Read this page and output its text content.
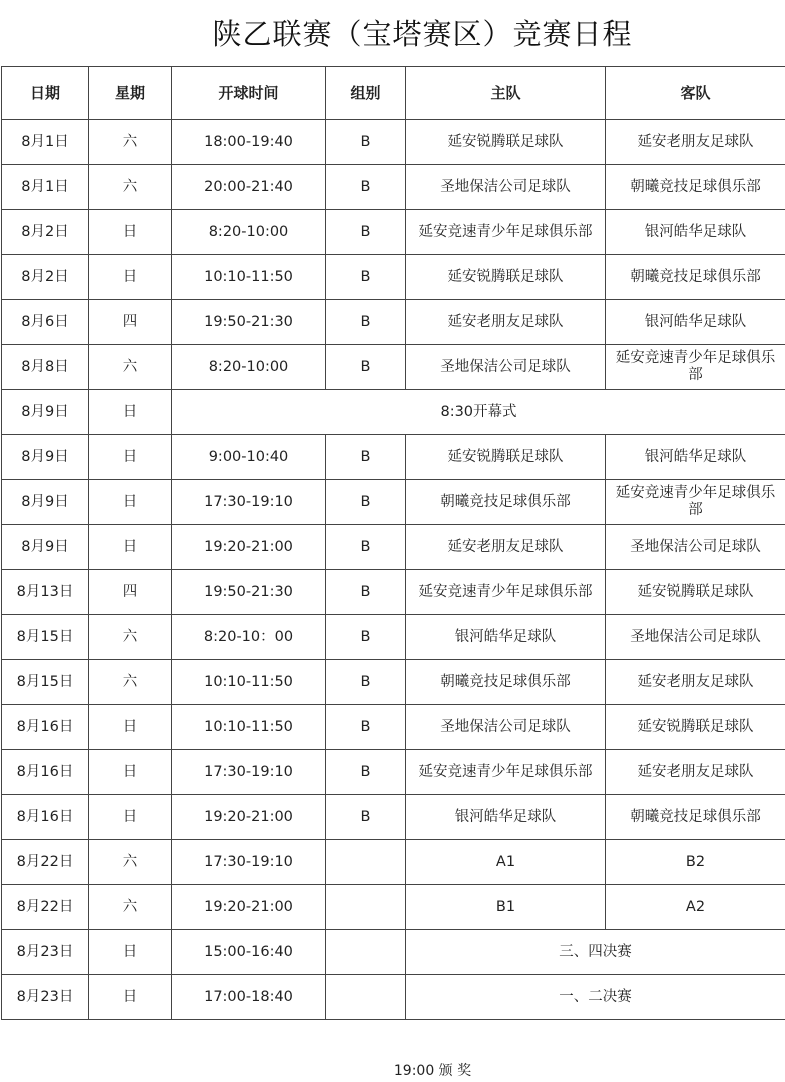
陕乙联赛（宝塔赛区）竞赛日程
日期	星期	开球时间	组别	主队	客队
8月1日	六	18:00-19:40	B	延安锐腾联足球队	延安老朋友足球队
8月1日	六	20:00-21:40	B	圣地保洁公司足球队	朝曦竞技足球俱乐部
8月2日	日	8:20-10:00	B	延安竞速青少年足球俱乐部	银河皓华足球队
8月2日	日	10:10-11:50	B	延安锐腾联足球队	朝曦竞技足球俱乐部
8月6日	四	19:50-21:30	B	延安老朋友足球队	银河皓华足球队
8月8日	六	8:20-10:00	B	圣地保洁公司足球队	延安竞速青少年足球俱乐部
8月9日	日	8:30开幕式			
8月9日	日	9:00-10:40	B	延安锐腾联足球队	银河皓华足球队
8月9日	日	17:30-19:10	B	朝曦竞技足球俱乐部	延安竞速青少年足球俱乐部
8月9日	日	19:20-21:00	B	延安老朋友足球队	圣地保洁公司足球队
8月13日	四	19:50-21:30	B	延安竞速青少年足球俱乐部	延安锐腾联足球队
8月15日	六	8:20-10：00	B	银河皓华足球队	圣地保洁公司足球队
8月15日	六	10:10-11:50	B	朝曦竞技足球俱乐部	延安老朋友足球队
8月16日	日	10:10-11:50	B	圣地保洁公司足球队	延安锐腾联足球队
8月16日	日	17:30-19:10	B	延安竞速青少年足球俱乐部	延安老朋友足球队
8月16日	日	19:20-21:00	B	银河皓华足球队	朝曦竞技足球俱乐部
8月22日	六	17:30-19:10		A1	B2
8月22日	六	19:20-21:00		B1	A2
8月23日	日	15:00-16:40		三、四决赛	
8月23日	日	17:00-18:40		一、二决赛	
19:00 颁 奖
